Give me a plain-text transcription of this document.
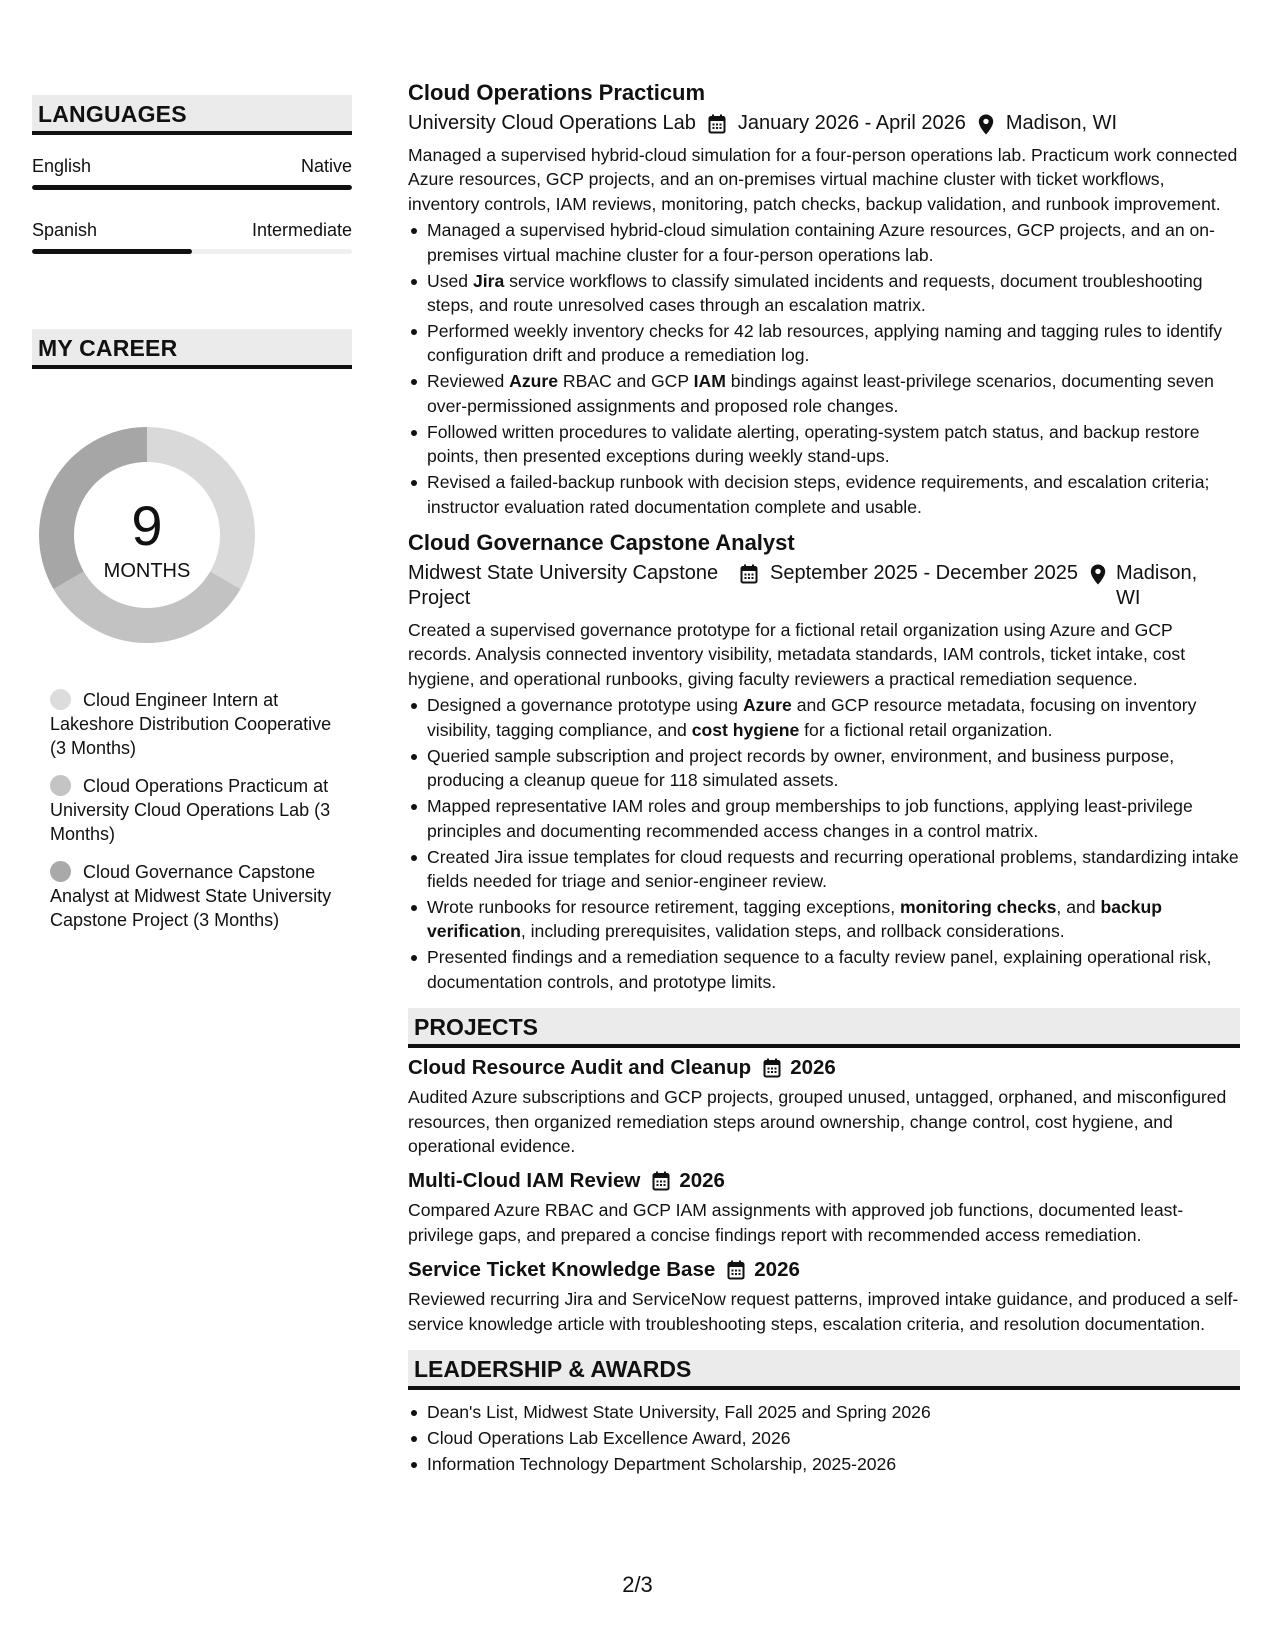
LANGUAGES
English	Native
Spanish	Intermediate
MY CAREER
9
MONTHS
Cloud Engineer Intern at Lakeshore Distribution Cooperative (3 Months)
Cloud Operations Practicum at University Cloud Operations Lab (3 Months)
Cloud Governance Capstone Analyst at Midwest State University Capstone Project (3 Months)
Cloud Operations Practicum
University Cloud Operations Lab January 2026 - April 2026 Madison, WI
Managed a supervised hybrid-cloud simulation for a four-person operations lab. Practicum work connected Azure resources, GCP projects, and an on-premises virtual machine cluster with ticket workflows, inventory controls, IAM reviews, monitoring, patch checks, backup validation, and runbook improvement.
Managed a supervised hybrid-cloud simulation containing Azure resources, GCP projects, and an on-premises virtual machine cluster for a four-person operations lab.
Used Jira service workflows to classify simulated incidents and requests, document troubleshooting steps, and route unresolved cases through an escalation matrix.
Performed weekly inventory checks for 42 lab resources, applying naming and tagging rules to identify configuration drift and produce a remediation log.
Reviewed Azure RBAC and GCP IAM bindings against least-privilege scenarios, documenting seven over-permissioned assignments and proposed role changes.
Followed written procedures to validate alerting, operating-system patch status, and backup restore points, then presented exceptions during weekly stand-ups.
Revised a failed-backup runbook with decision steps, evidence requirements, and escalation criteria; instructor evaluation rated documentation complete and usable.
Cloud Governance Capstone Analyst
Midwest State University Capstone Project
September 2025 - December 2025 Madison, WI
Created a supervised governance prototype for a fictional retail organization using Azure and GCP records. Analysis connected inventory visibility, metadata standards, IAM controls, ticket intake, cost hygiene, and operational runbooks, giving faculty reviewers a practical remediation sequence.
Designed a governance prototype using Azure and GCP resource metadata, focusing on inventory visibility, tagging compliance, and cost hygiene for a fictional retail organization.
Queried sample subscription and project records by owner, environment, and business purpose, producing a cleanup queue for 118 simulated assets.
Mapped representative IAM roles and group memberships to job functions, applying least-privilege principles and documenting recommended access changes in a control matrix.
Created Jira issue templates for cloud requests and recurring operational problems, standardizing intake fields needed for triage and senior-engineer review.
Wrote runbooks for resource retirement, tagging exceptions, monitoring checks, and backup verification, including prerequisites, validation steps, and rollback considerations.
Presented findings and a remediation sequence to a faculty review panel, explaining operational risk, documentation controls, and prototype limits.
PROJECTS
Cloud Resource Audit and Cleanup 2026
Audited Azure subscriptions and GCP projects, grouped unused, untagged, orphaned, and misconfigured resources, then organized remediation steps around ownership, change control, cost hygiene, and operational evidence.
Multi-Cloud IAM Review 2026
Compared Azure RBAC and GCP IAM assignments with approved job functions, documented least-privilege gaps, and prepared a concise findings report with recommended access remediation.
Service Ticket Knowledge Base 2026
Reviewed recurring Jira and ServiceNow request patterns, improved intake guidance, and produced a self-service knowledge article with troubleshooting steps, escalation criteria, and resolution documentation.
LEADERSHIP & AWARDS
Dean's List, Midwest State University, Fall 2025 and Spring 2026
Cloud Operations Lab Excellence Award, 2026
Information Technology Department Scholarship, 2025-2026
2/3
